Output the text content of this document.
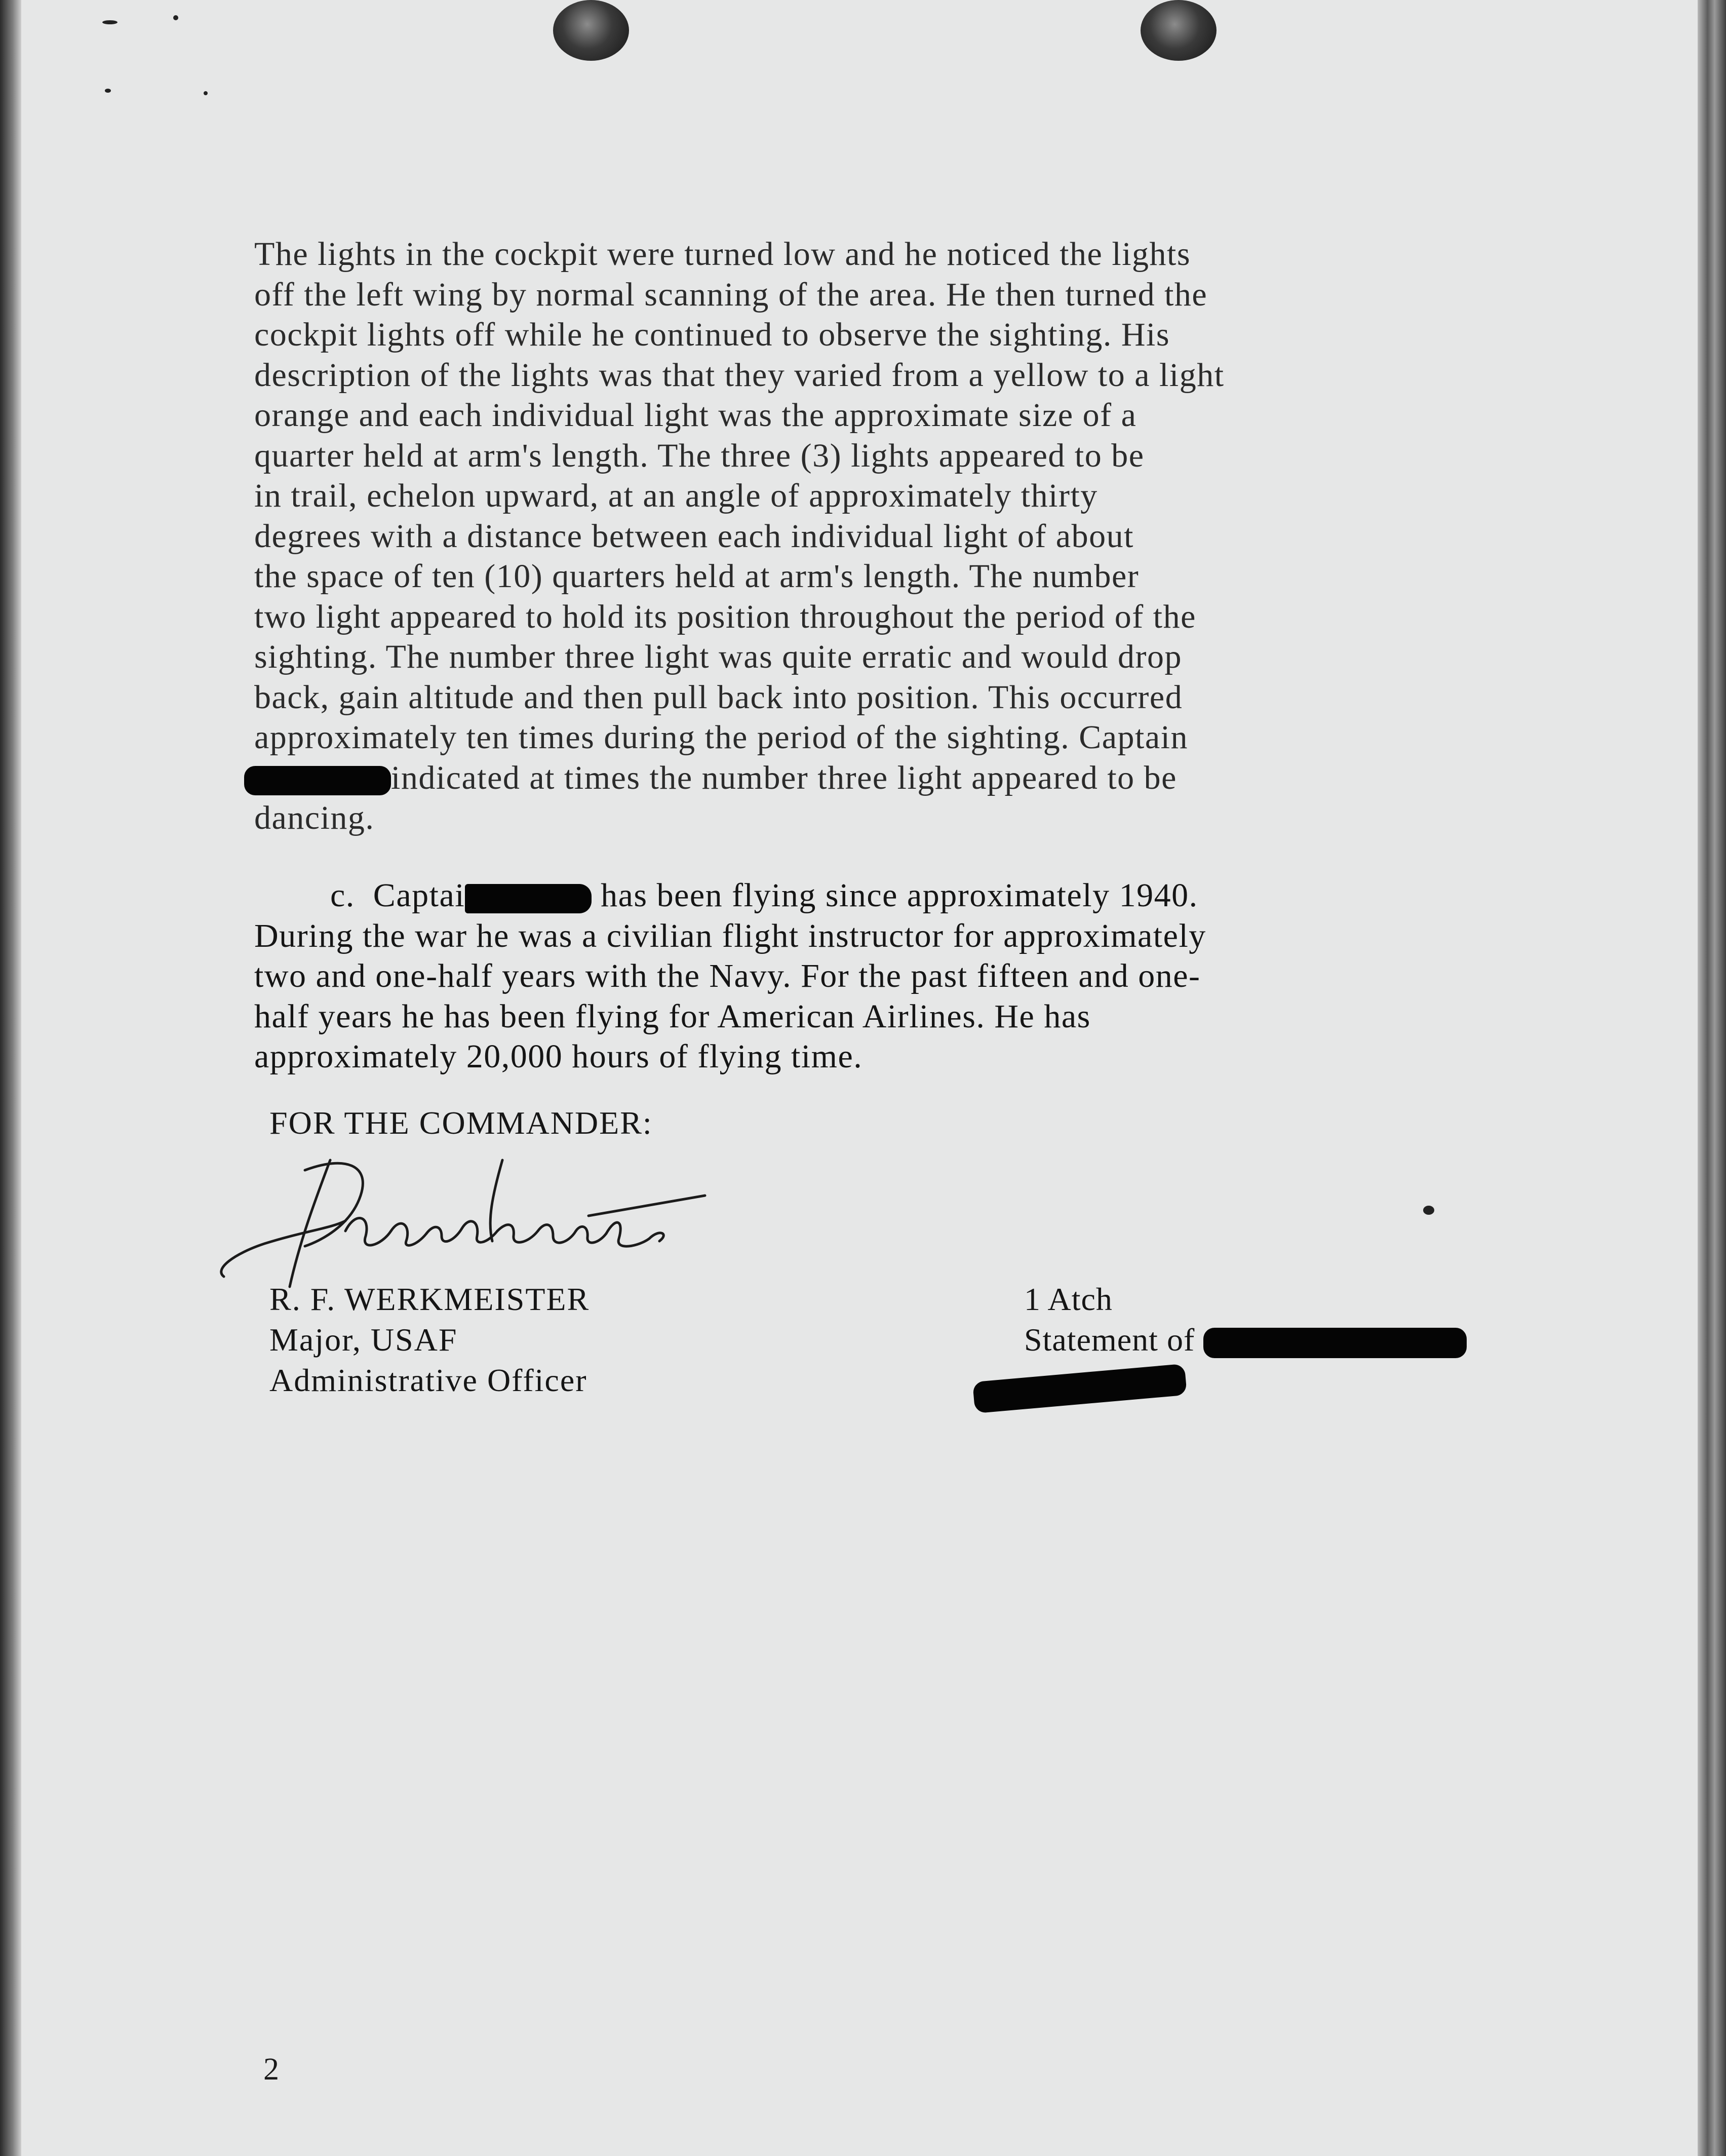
The lights in the cockpit were turned low and he noticed the lights

off the left wing by normal scanning of the area. He then turned the

cockpit lights off while he continued to observe the sighting. His

description of the lights was that they varied from a yellow to a light

orange and each individual light was the approximate size of a

quarter held at arm's length. The three (3) lights appeared to be

in trail, echelon upward, at an angle of approximately thirty

degrees with a distance between each individual light of about

the space of ten (10) quarters held at arm's length. The number

two light appeared to hold its position throughout the period of the

sighting. The number three light was quite erratic and would drop

back, gain altitude and then pull back into position. This occurred

approximately ten times during the period of the sighting. Captain

indicated at times the number three light appeared to be

dancing.

c. Captai	has been flying since approximately 1940.

During the war he was a civilian flight instructor for approximately

two and one-half years with the Navy. For the past fifteen and one-

half years he has been flying for American Airlines. He has

approximately 20,000 hours of flying time.

FOR THE COMMANDER:

R. F. WERKMEISTER
Major, USAF
Administrative Officer
1 Atch
Statement of
2
